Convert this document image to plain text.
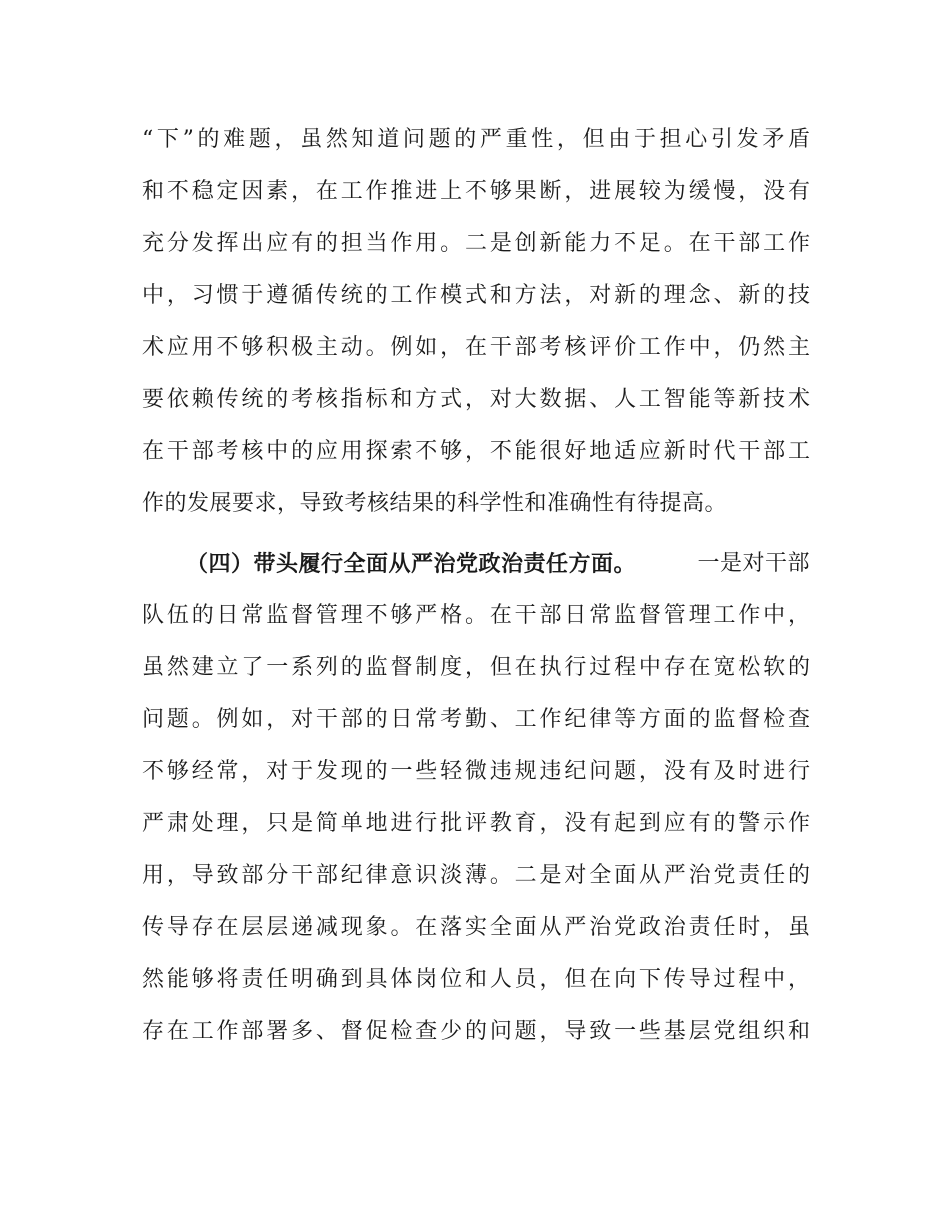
“下”的难题，虽然知道问题的严重性，但由于担心引发矛盾
和不稳定因素，在工作推进上不够果断，进展较为缓慢，没有
充分发挥出应有的担当作用。二是创新能力不足。在干部工作
中，习惯于遵循传统的工作模式和方法，对新的理念、新的技
术应用不够积极主动。例如，在干部考核评价工作中，仍然主
要依赖传统的考核指标和方式，对大数据、人工智能等新技术
在干部考核中的应用探索不够，不能很好地适应新时代干部工
作的发展要求，导致考核结果的科学性和准确性有待提高。
（四）带头履行全面从严治党政治责任方面。	一是对干部
队伍的日常监督管理不够严格。在干部日常监督管理工作中，
虽然建立了一系列的监督制度，但在执行过程中存在宽松软的
问题。例如，对干部的日常考勤、工作纪律等方面的监督检查
不够经常，对于发现的一些轻微违规违纪问题，没有及时进行
严肃处理，只是简单地进行批评教育，没有起到应有的警示作
用，导致部分干部纪律意识淡薄。二是对全面从严治党责任的
传导存在层层递减现象。在落实全面从严治党政治责任时，虽
然能够将责任明确到具体岗位和人员，但在向下传导过程中，
存在工作部署多、督促检查少的问题，导致一些基层党组织和
